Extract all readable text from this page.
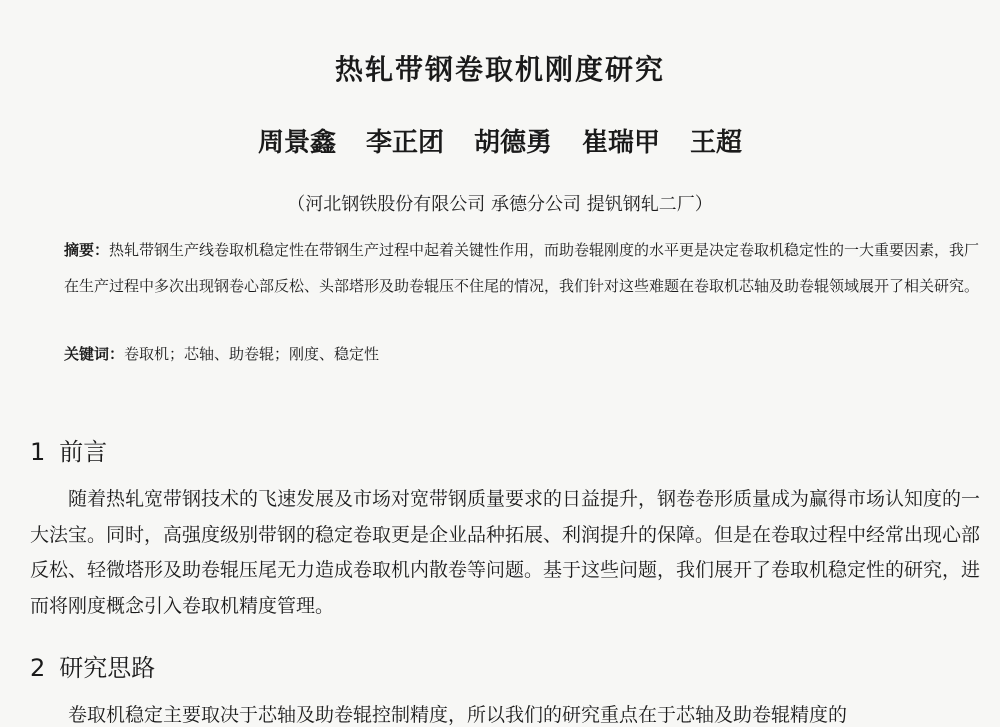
热轧带钢卷取机刚度研究
周景鑫 李正团 胡德勇 崔瑞甲 王超
（河北钢铁股份有限公司 承德分公司 提钒钢轧二厂）
摘要：热轧带钢生产线卷取机稳定性在带钢生产过程中起着关键性作用，而助卷辊刚度的水平更是决定卷取机稳定性的一大重要因素，我厂在生产过程中多次出现钢卷心部反松、头部塔形及助卷辊压不住尾的情况，我们针对这些难题在卷取机芯轴及助卷辊领域展开了相关研究。
关键词：卷取机；芯轴、助卷辊；刚度、稳定性
1 前言
随着热轧宽带钢技术的飞速发展及市场对宽带钢质量要求的日益提升，钢卷卷形质量成为赢得市场认知度的一大法宝。同时，高强度级别带钢的稳定卷取更是企业品种拓展、利润提升的保障。但是在卷取过程中经常出现心部反松、轻微塔形及助卷辊压尾无力造成卷取机内散卷等问题。基于这些问题，我们展开了卷取机稳定性的研究，进而将刚度概念引入卷取机精度管理。
2 研究思路
卷取机稳定主要取决于芯轴及助卷辊控制精度，所以我们的研究重点在于芯轴及助卷辊精度的
